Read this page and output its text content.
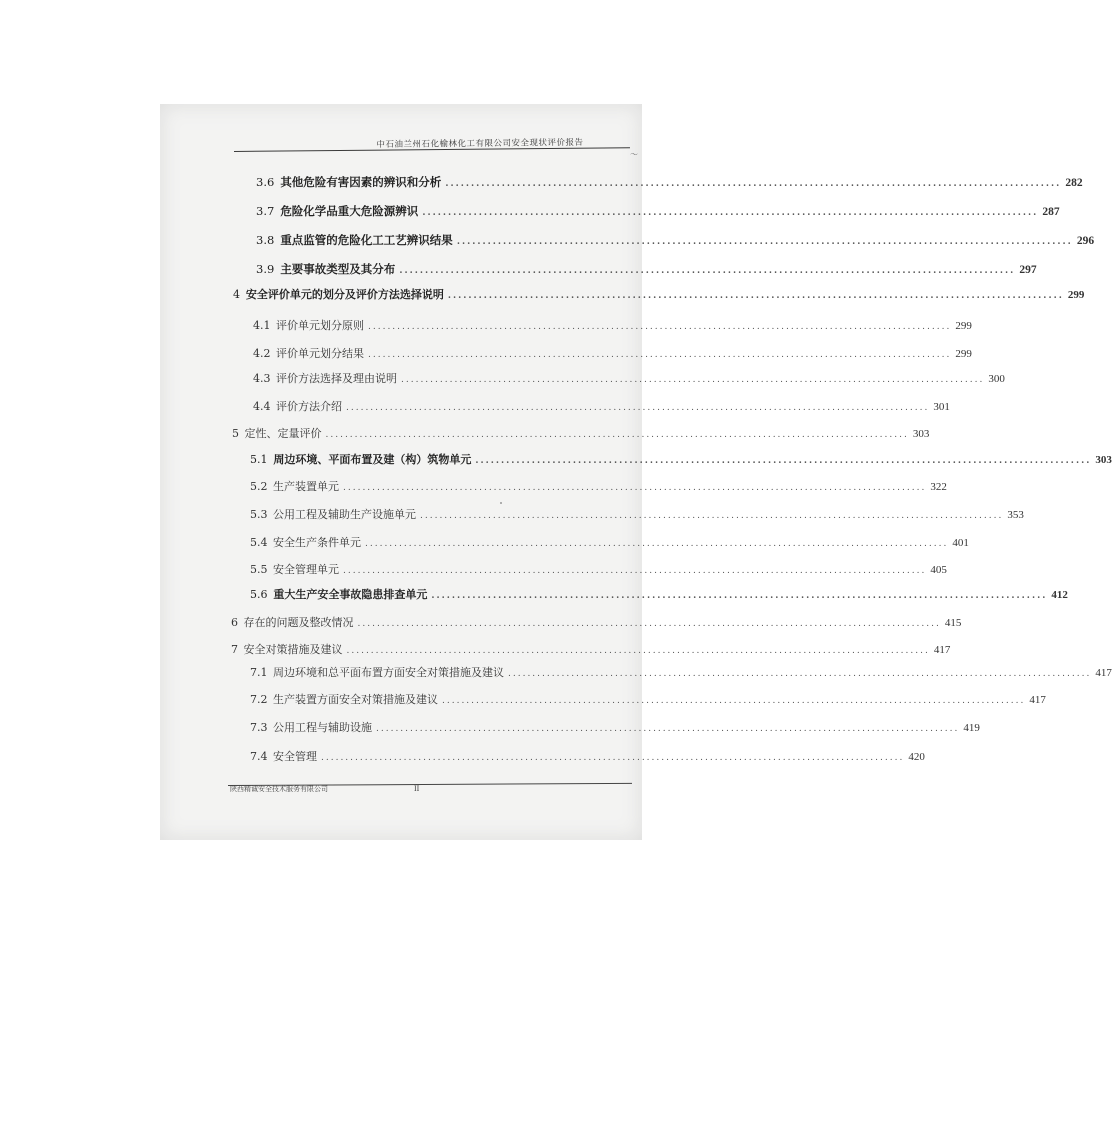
中石油兰州石化榆林化工有限公司安全现状评价报告
〜
3.6 其他危险有害因素的辨识和分析 .....	282
3.7 危险化学品重大危险源辨识 .....	287
3.8 重点监管的危险化工工艺辨识结果 .....	296
3.9 主要事故类型及其分布 .....	297
4 安全评价单元的划分及评价方法选择说明 .....	299
4.1 评价单元划分原则 .....	299
4.2 评价单元划分结果 .....	299
4.3 评价方法选择及理由说明 .....	300
4.4 评价方法介绍 .....	301
5 定性、定量评价 .....	303
5.1 周边环境、平面布置及建（构）筑物单元 .....	303
5.2 生产装置单元 .....	322
5.3 公用工程及辅助生产设施单元 .....	353
5.4 安全生产条件单元 .....	401
5.5 安全管理单元 .....	405
5.6 重大生产安全事故隐患排查单元 .....	412
6 存在的问题及整改情况 .....	415
7 安全对策措施及建议 .....	417
7.1 周边环境和总平面布置方面安全对策措施及建议 .....	417
7.2 生产装置方面安全对策措施及建议 .....	417
7.3 公用工程与辅助设施 .....	419
7.4 安全管理 .....	420
陕西精诚安全技术服务有限公司	II
